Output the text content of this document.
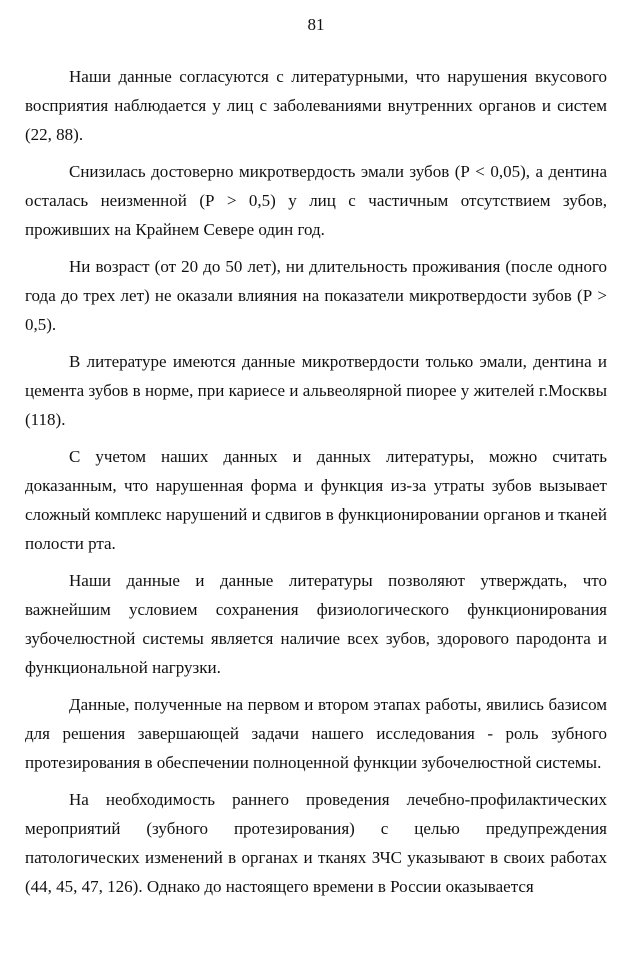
81

Наши данные согласуются с литературными, что нарушения вкусового восприятия наблюдается у лиц с заболеваниями внутренних органов и систем (22, 88).

Снизилась достоверно микротвердость эмали зубов (Р < 0,05), а дентина осталась неизменной (Р > 0,5) у лиц с частичным отсутствием зубов, проживших на Крайнем Севере один год.

Ни возраст (от 20 до 50 лет), ни длительность проживания (после одного года до трех лет) не оказали влияния на показатели микротвердости зубов (Р > 0,5).

В литературе имеются данные микротвердости только эмали, дентина и цемента зубов в норме, при кариесе и альвеолярной пиорее у жителей г.Москвы (118).

С учетом наших данных и данных литературы, можно считать доказанным, что нарушенная форма и функция из-за утраты зубов вызывает сложный комплекс нарушений и сдвигов в функционировании органов и тканей полости рта.

Наши данные и данные литературы позволяют утверждать, что важнейшим условием сохранения физиологического функционирования зубочелюстной системы является наличие всех зубов, здорового пародонта и функциональной нагрузки.

Данные, полученные на первом и втором этапах работы, явились базисом для решения завершающей задачи нашего исследования - роль зубного протезирования в обеспечении полноценной функции зубочелюстной системы.

На необходимость раннего проведения лечебно-профилактических мероприятий (зубного протезирования) с целью предупреждения патологических изменений в органах и тканях ЗЧС указывают в своих работах (44, 45, 47, 126). Однако до настоящего времени в России оказывается
